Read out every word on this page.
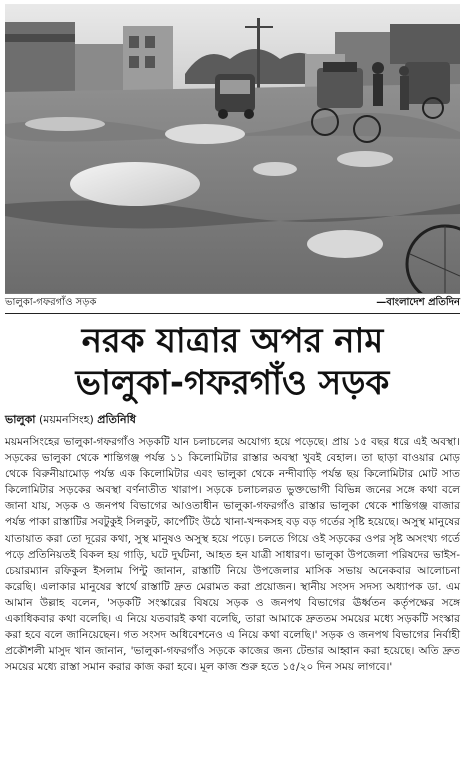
ভালুকা-গফরগাঁও সড়ক	—বাংলাদেশ প্রতিদিন
নরক যাত্রার অপর নাম
ভালুকা-গফরগাঁও সড়ক
ভালুকা (ময়মনসিংহ) প্রতিনিধি

ময়মনসিংহের ভালুকা-গফরগাঁও সড়কটি যান চলাচলের অযোগ্য হয়ে পড়েছে। প্রায় ১৫ বছর ধরে এই অবস্থা। সড়কের ভালুকা থেকে শান্তিগঞ্জ পর্যন্ত ১১ কিলোমিটার রাস্তার অবস্থা খুবই বেহাল। তা ছাড়া বাওয়ার মোড় থেকে বিরুনীয়ামোড় পর্যন্ত এক কিলোমিটার এবং ভালুকা থেকে নন্দীবাড়ি পর্যন্ত ছয় কিলোমিটার মোট সাত কিলোমিটার সড়কের অবস্থা বর্ণনাতীত খারাপ। সড়কে চলাচলরত ভুক্তভোগী বিভিন্ন জনের সঙ্গে কথা বলে জানা যায়, সড়ক ও জনপথ বিভাগের আওতাধীন ভালুকা-গফরগাঁও রাস্তার ভালুকা থেকে শান্তিগঞ্জ বাজার পর্যন্ত পাকা রাস্তাটির সবটুকুই সিলকুট, কার্পেটিং উঠে খানা-খন্দকসহ বড় বড় গর্তের সৃষ্টি হয়েছে। অসুস্থ মানুষের যাতায়াত করা তো দূরের কথা, সুস্থ মানুষও অসুস্থ হয়ে পড়ে। চলতে গিয়ে ওই সড়কের ওপর সৃষ্ট অসংখ্য গর্তে পড়ে প্রতিনিয়তই বিকল হয় গাড়ি, ঘটে দুর্ঘটনা, আহত হন যাত্রী সাধারণ। ভালুকা উপজেলা পরিষদের ভাইস-চেয়ারম্যান রফিকুল ইসলাম পিন্টু জানান, রাস্তাটি নিয়ে উপজেলার মাসিক সভায় অনেকবার আলোচনা করেছি। এলাকার মানুষের স্বার্থে রাস্তাটি দ্রুত মেরামত করা প্রয়োজন। স্থানীয় সংসদ সদস্য অধ্যাপক ডা. এম আমান উল্লাহ বলেন, 'সড়কটি সংস্কারের বিষয়ে সড়ক ও জনপথ বিভাগের ঊর্ধ্বতন কর্তৃপক্ষের সঙ্গে একাধিকবার কথা বলেছি। এ নিয়ে যতবারই কথা বলেছি, তারা আমাকে দ্রুততম সময়ের মধ্যে সড়কটি সংস্কার করা হবে বলে জানিয়েছেন। গত সংসদ অধিবেশনেও এ নিয়ে কথা বলেছি।' সড়ক ও জনপথ বিভাগের নির্বাহী প্রকৌশলী মাসুদ খান জানান, 'ভালুকা-গফরগাঁও সড়কে কাজের জন্য টেন্ডার আহ্বান করা হয়েছে। অতি দ্রুত সময়ের মধ্যে রাস্তা সমান করার কাজ করা হবে। মূল কাজ শুরু হতে ১৫/২০ দিন সময় লাগবে।'
